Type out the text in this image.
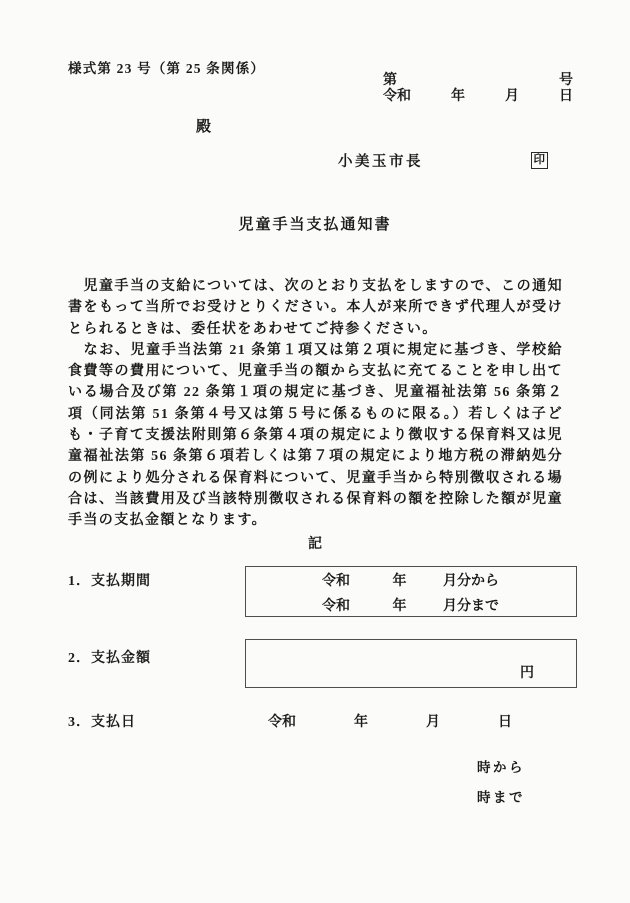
様式第 23 号（第 25 条関係）
第	号
令和	年	月	日
殿
小美玉市長	印
児童手当支払通知書

　児童手当の支給については、次のとおり支払をしますので、この通知書をもって当所でお受けとりください。本人が来所できず代理人が受けとられるときは、委任状をあわせてご持参ください。

　なお、児童手当法第 21 条第１項又は第２項に規定に基づき、学校給食費等の費用について、児童手当の額から支払に充てることを申し出ている場合及び第 22 条第１項の規定に基づき、児童福祉法第 56 条第２項（同法第 51 条第４号又は第５号に係るものに限る。）若しくは子ども・子育て支援法附則第６条第４項の規定により徴収する保育料又は児童福祉法第 56 条第６項若しくは第７項の規定により地方税の滞納処分の例により処分される保育料について、児童手当から特別徴収される場合は、当該費用及び当該特別徴収される保育料の額を控除した額が児童手当の支払金額となります。

記
1．支払期間	令和	年	月分から
令和	年	月分まで
2．支払金額
円
3．支払日	令和	年	月	日
時から
時まで
